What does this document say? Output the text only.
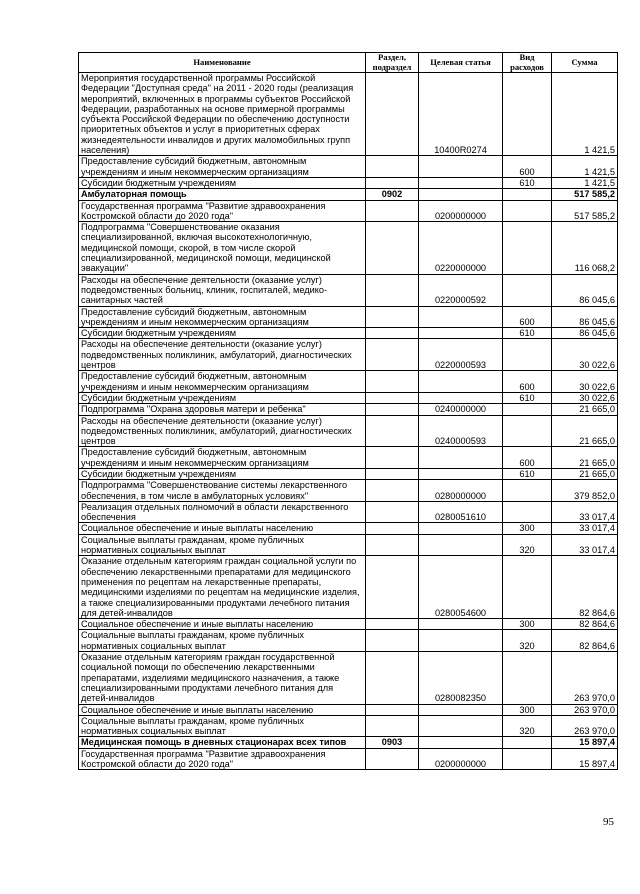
Наименование	Раздел, подраздел	Целевая статья	Вид расходов	Сумма
Мероприятия государственной программы Российской Федерации "Доступная среда" на 2011 - 2020 годы (реализация мероприятий, включенных в программы субъектов Российской Федерации, разработанных на основе примерной программы субъекта Российской Федерации по обеспечению доступности приоритетных объектов и услуг в приоритетных сферах жизнедеятельности инвалидов и других маломобильных групп населения)		10400R0274		1 421,5
Предоставление субсидий бюджетным, автономным учреждениям и иным некоммерческим организациям			600	1 421,5
Субсидии бюджетным учреждениям			610	1 421,5
Амбулаторная помощь	0902			517 585,2
Государственная программа "Развитие здравоохранения Костромской области до 2020 года"		0200000000		517 585,2
Подпрограмма "Совершенствование оказания специализированной, включая высокотехнологичную, медицинской помощи, скорой, в том числе скорой специализированной, медицинской помощи, медицинской эвакуации"		0220000000		116 068,2
Расходы на обеспечение деятельности (оказание услуг) подведомственных больниц, клиник, госпиталей, медико-санитарных частей		0220000592		86 045,6
Предоставление субсидий бюджетным, автономным учреждениям и иным некоммерческим организациям			600	86 045,6
Субсидии бюджетным учреждениям			610	86 045,6
Расходы на обеспечение деятельности (оказание услуг) подведомственных поликлиник, амбулаторий, диагностических центров		0220000593		30 022,6
Предоставление субсидий бюджетным, автономным учреждениям и иным некоммерческим организациям			600	30 022,6
Субсидии бюджетным учреждениям			610	30 022,6
Подпрограмма "Охрана здоровья матери и ребенка"		0240000000		21 665,0
Расходы на обеспечение деятельности (оказание услуг) подведомственных поликлиник, амбулаторий, диагностических центров		0240000593		21 665,0
Предоставление субсидий бюджетным, автономным учреждениям и иным некоммерческим организациям			600	21 665,0
Субсидии бюджетным учреждениям			610	21 665,0
Подпрограмма "Совершенствование системы лекарственного обеспечения, в том числе в амбулаторных условиях"		0280000000		379 852,0
Реализация отдельных полномочий в области лекарственного обеспечения		0280051610		33 017,4
Социальное обеспечение и иные выплаты населению			300	33 017,4
Социальные выплаты гражданам, кроме публичных нормативных социальных выплат			320	33 017,4
Оказание отдельным категориям граждан социальной услуги по обеспечению лекарственными препаратами для медицинского применения по рецептам на лекарственные препараты, медицинскими изделиями по рецептам на медицинские изделия, а также специализированными продуктами лечебного питания для детей-инвалидов		0280054600		82 864,6
Социальное обеспечение и иные выплаты населению			300	82 864,6
Социальные выплаты гражданам, кроме публичных нормативных социальных выплат			320	82 864,6
Оказание отдельным категориям граждан государственной социальной помощи по обеспечению лекарственными препаратами, изделиями медицинского назначения, а также специализированными продуктами лечебного питания для детей-инвалидов		0280082350		263 970,0
Социальное обеспечение и иные выплаты населению			300	263 970,0
Социальные выплаты гражданам, кроме публичных нормативных социальных выплат			320	263 970,0
Медицинская помощь в дневных стационарах всех типов	0903			15 897,4
Государственная программа "Развитие здравоохранения Костромской области до 2020 года"		0200000000		15 897,4
95
